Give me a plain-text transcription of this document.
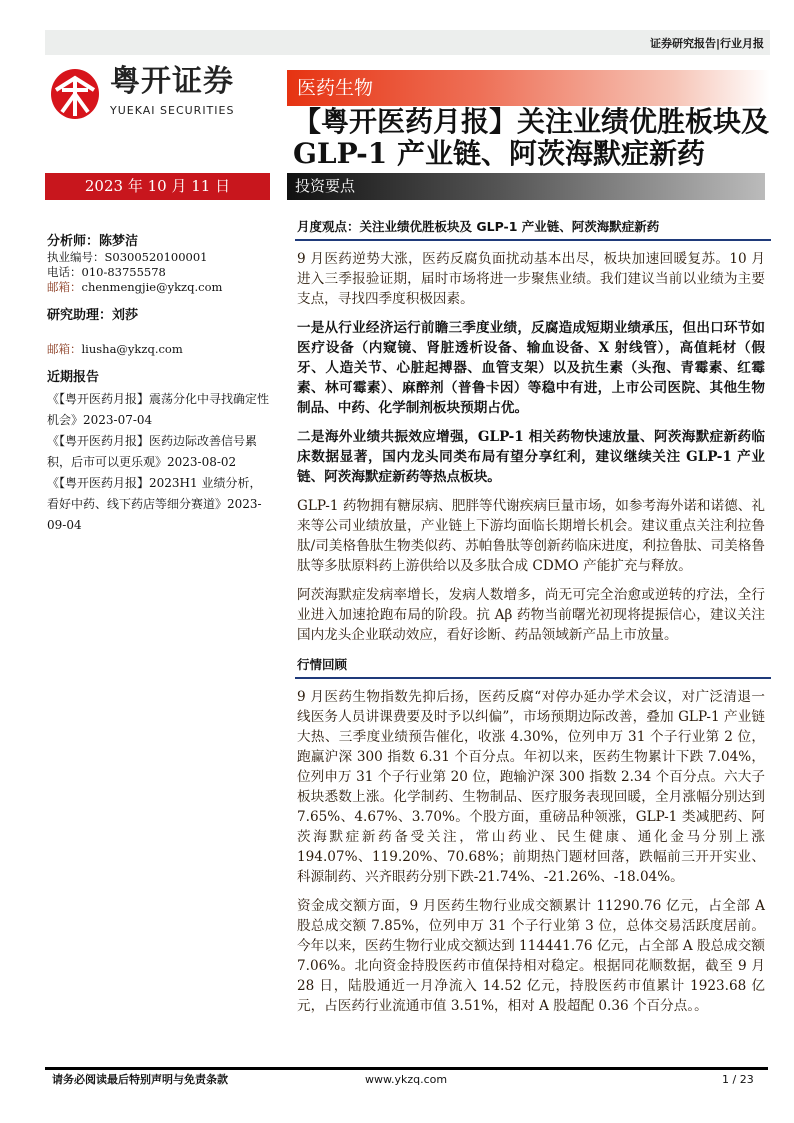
证券研究报告|行业月报
粤开证券
YUEKAI SECURITIES
医药生物
【粤开医药月报】关注业绩优胜板块及 GLP-1 产业链、阿茨海默症新药
2023 年 10 月 11 日	投资要点
分析师：陈梦洁
执业编号：S0300520100001
电话：010-83755578
邮箱：chenmengjie@ykzq.com
研究助理：刘莎
邮箱：liusha@ykzq.com
近期报告
《【粤开医药月报】震荡分化中寻找确定性机会》2023-07-04
《【粤开医药月报】医药边际改善信号累积，后市可以更乐观》2023-08-02
《【粤开医药月报】2023H1 业绩分析，看好中药、线下药店等细分赛道》2023-09-04
月度观点：关注业绩优胜板块及 GLP-1 产业链、阿茨海默症新药

9 月医药逆势大涨，医药反腐负面扰动基本出尽，板块加速回暖复苏。10 月进入三季报验证期，届时市场将进一步聚焦业绩。我们建议当前以业绩为主要支点，寻找四季度积极因素。

一是从行业经济运行前瞻三季度业绩，反腐造成短期业绩承压，但出口环节如医疗设备（内窥镜、肾脏透析设备、输血设备、X 射线管），高值耗材（假牙、人造关节、心脏起搏器、血管支架）以及抗生素（头孢、青霉素、红霉素、林可霉素）、麻醉剂（普鲁卡因）等稳中有进，上市公司医院、其他生物制品、中药、化学制剂板块预期占优。

二是海外业绩共振效应增强，GLP-1 相关药物快速放量、阿茨海默症新药临床数据显著，国内龙头同类布局有望分享红利，建议继续关注 GLP-1 产业链、阿茨海默症新药等热点板块。

GLP-1 药物拥有糖尿病、肥胖等代谢疾病巨量市场，如参考海外诺和诺德、礼来等公司业绩放量，产业链上下游均面临长期增长机会。建议重点关注利拉鲁肽/司美格鲁肽生物类似药、苏帕鲁肽等创新药临床进度，利拉鲁肽、司美格鲁肽等多肽原料药上游供给以及多肽合成 CDMO 产能扩充与释放。

阿茨海默症发病率增长，发病人数增多，尚无可完全治愈或逆转的疗法，全行业进入加速抢跑布局的阶段。抗 Aβ 药物当前曙光初现将提振信心，建议关注国内龙头企业联动效应，看好诊断、药品领域新产品上市放量。

行情回顾

9 月医药生物指数先抑后扬，医药反腐“对停办延办学术会议，对广泛清退一线医务人员讲课费要及时予以纠偏”，市场预期边际改善，叠加 GLP-1 产业链大热、三季度业绩预告催化，收涨 4.30%，位列申万 31 个子行业第 2 位，跑赢沪深 300 指数 6.31 个百分点。年初以来，医药生物累计下跌 7.04%，位列申万 31 个子行业第 20 位，跑输沪深 300 指数 2.34 个百分点。六大子板块悉数上涨。化学制药、生物制品、医疗服务表现回暖，全月涨幅分别达到 7.65%、4.67%、3.70%。个股方面，重磅品种领涨，GLP-1 类减肥药、阿茨海默症新药备受关注，常山药业、民生健康、通化金马分别上涨 194.07%、119.20%、70.68%；前期热门题材回落，跌幅前三开开实业、科源制药、兴齐眼药分别下跌-21.74%、-21.26%、-18.04%。

资金成交额方面，9 月医药生物行业成交额累计 11290.76 亿元，占全部 A 股总成交额 7.85%，位列申万 31 个子行业第 3 位，总体交易活跃度居前。今年以来，医药生物行业成交额达到 114441.76 亿元，占全部 A 股总成交额 7.06%。北向资金持股医药市值保持相对稳定。根据同花顺数据，截至 9 月 28 日，陆股通近一月净流入 14.52 亿元，持股医药市值累计 1923.68 亿元，占医药行业流通市值 3.51%，相对 A 股超配 0.36 个百分点。。

请务必阅读最后特别声明与免责条款	www.ykzq.com	1 / 23
